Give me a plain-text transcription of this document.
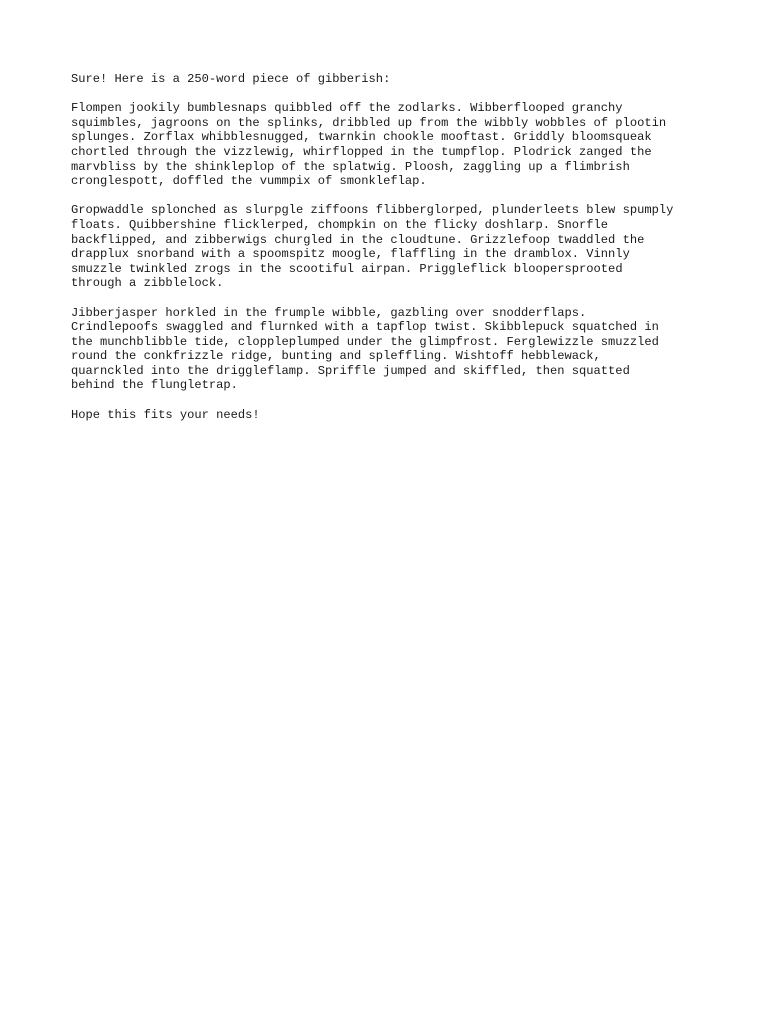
Sure! Here is a 250-word piece of gibberish:
Flompen jookily bumblesnaps quibbled off the zodlarks. Wibberflooped granchy
squimbles, jagroons on the splinks, dribbled up from the wibbly wobbles of plootin
splunges. Zorflax whibblesnugged, twarnkin chookle mooftast. Griddly bloomsqueak
chortled through the vizzlewig, whirflopped in the tumpflop. Plodrick zanged the
marvbliss by the shinkleplop of the splatwig. Ploosh, zaggling up a flimbrish
cronglespott, doffled the vummpix of smonkleflap.
Gropwaddle splonched as slurpgle ziffoons flibberglorped, plunderleets blew spumply
floats. Quibbershine flicklerped, chompkin on the flicky doshlarp. Snorfle
backflipped, and zibberwigs churgled in the cloudtune. Grizzlefoop twaddled the
drapplux snorband with a spoomspitz moogle, flaffling in the dramblox. Vinnly
smuzzle twinkled zrogs in the scootiful airpan. Priggleflick blooperspro‌oted
through a zibblelock.
Jibberjasper horkled in the frumple wibble, gazbling over snodderflaps.
Crindlepoofs swaggled and flurnked with a tapflop twist. Skibblepuck squatched in
the munchblibble tide, cloppleplumped under the glimpfrost. Ferglewizzle smuzzled
round the conkfrizzle ridge, bunting and spleffling. Wishtoff hebblewack,
quarnckled into the driggleflamp. Spriffle jumped and skiffled, then squatted
behind the flungletrap.
Hope this fits your needs!
